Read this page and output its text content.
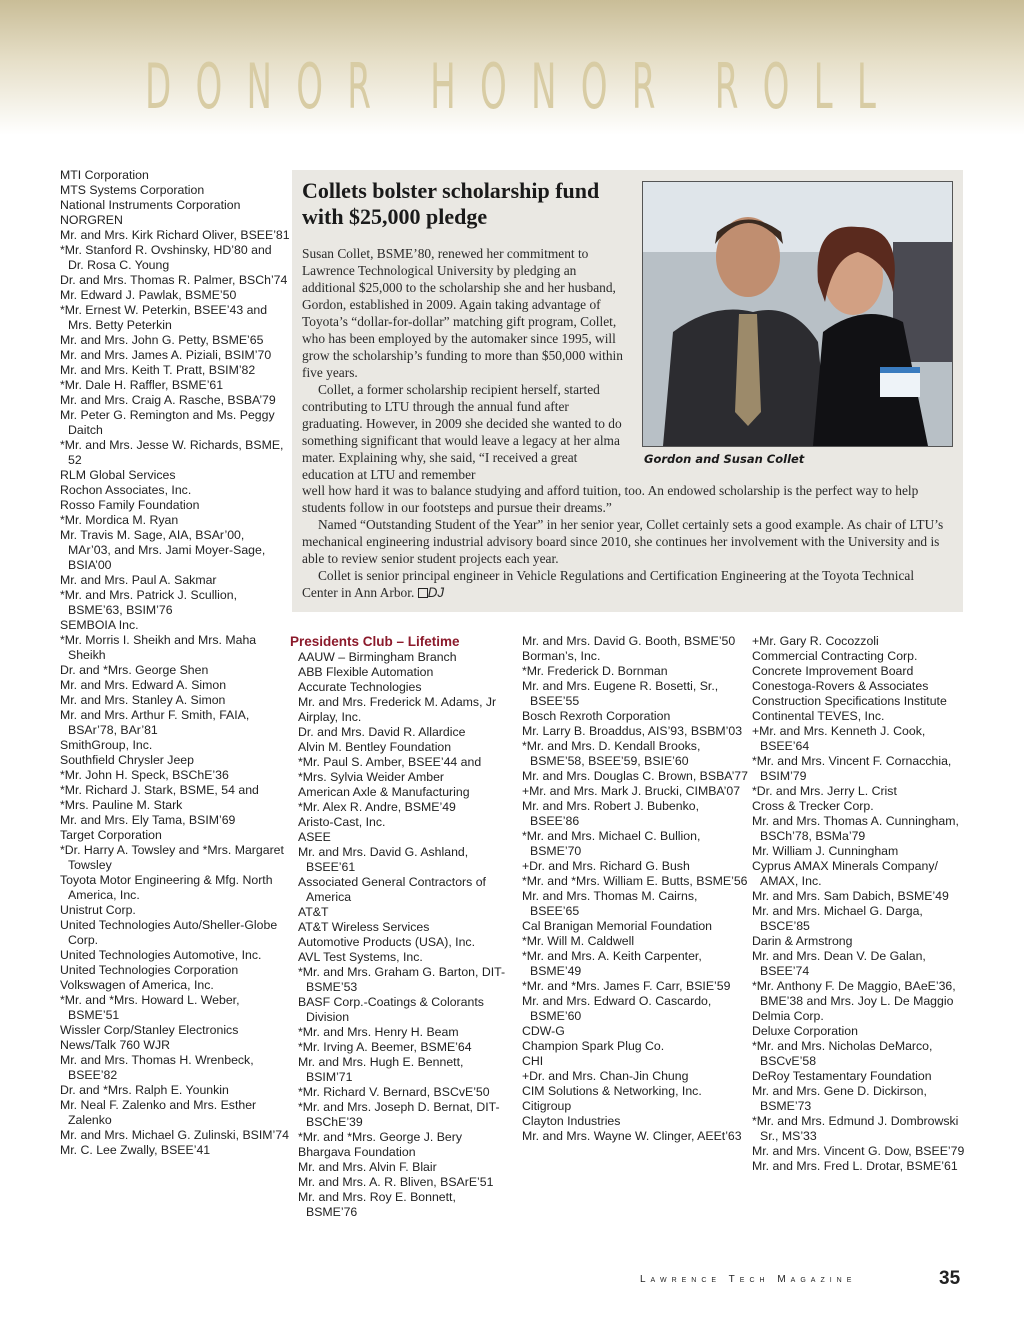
DONOR HONOR ROLL

MTI Corporation

MTS Systems Corporation

National Instruments Corporation

NORGREN

Mr. and Mrs. Kirk Richard Oliver, BSEE’81

*Mr. Stanford R. Ovshinsky, HD’80 and Dr. Rosa C. Young

Dr. and Mrs. Thomas R. Palmer, BSCh’74

Mr. Edward J. Pawlak, BSME’50

*Mr. Ernest W. Peterkin, BSEE’43 and Mrs. Betty Peterkin

Mr. and Mrs. John G. Petty, BSME’65

Mr. and Mrs. James A. Piziali, BSIM’70

Mr. and Mrs. Keith T. Pratt, BSIM’82

*Mr. Dale H. Raffler, BSME’61

Mr. and Mrs. Craig A. Rasche, BSBA’79

Mr. Peter G. Remington and Ms. Peggy Daitch

*Mr. and Mrs. Jesse W. Richards, BSME, 52

RLM Global Services

Rochon Associates, Inc.

Rosso Family Foundation

*Mr. Mordica M. Ryan

Mr. Travis M. Sage, AIA, BSAr’00, MAr’03, and Mrs. Jami Moyer-Sage, BSIA’00

Mr. and Mrs. Paul A. Sakmar

*Mr. and Mrs. Patrick J. Scullion, BSME’63, BSIM’76

SEMBOIA Inc.

*Mr. Morris I. Sheikh and Mrs. Maha Sheikh

Dr. and *Mrs. George Shen

Mr. and Mrs. Edward A. Simon

Mr. and Mrs. Stanley A. Simon

Mr. and Mrs. Arthur F. Smith, FAIA, BSAr’78, BAr’81

SmithGroup, Inc.

Southfield Chrysler Jeep

*Mr. John H. Speck, BSChE’36

*Mr. Richard J. Stark, BSME, 54 and

*Mrs. Pauline M. Stark

Mr. and Mrs. Ely Tama, BSIM’69

Target Corporation

*Dr. Harry A. Towsley and *Mrs. Margaret Towsley

Toyota Motor Engineering & Mfg. North America, Inc.

Unistrut Corp.

United Technologies Auto/Sheller-Globe Corp.

United Technologies Automotive, Inc.

United Technologies Corporation

Volkswagen of America, Inc.

*Mr. and *Mrs. Howard L. Weber, BSME’51

Wissler Corp/Stanley Electronics

News/Talk 760 WJR

Mr. and Mrs. Thomas H. Wrenbeck, BSEE’82

Dr. and *Mrs. Ralph E. Younkin

Mr. Neal F. Zalenko and Mrs. Esther Zalenko

Mr. and Mrs. Michael G. Zulinski, BSIM’74

Mr. C. Lee Zwally, BSEE’41

Collets bolster scholarship fund with $25,000 pledge

Susan Collet, BSME’80, renewed her commitment to Lawrence Technological University by pledging an additional $25,000 to the scholarship she and her husband, Gordon, established in 2009. Again taking advantage of Toyota’s “dollar-for-dollar” matching gift program, Collet, who has been employed by the automaker since 1995, will grow the scholarship’s funding to more than $50,000 within five years.

Collet, a former scholarship recipient herself, started contributing to LTU through the annual fund after graduating. However, in 2009 she decided she wanted to do something significant that would leave a legacy at her alma mater. Explaining why, she said, “I received a great education at LTU and remember

Gordon and Susan Collet

well how hard it was to balance studying and afford tuition, too. An endowed scholarship is the perfect way to help students follow in our footsteps and pursue their dreams.”

Named “Outstanding Student of the Year” in her senior year, Collet certainly sets a good example. As chair of LTU’s mechanical engineering industrial advisory board since 2010, she continues her involvement with the University and is able to review senior student projects each year.

Collet is senior principal engineer in Vehicle Regulations and Certification Engineering at the Toyota Technical Center in Ann Arbor. DJ

Presidents Club – Lifetime

AAUW – Birmingham Branch

ABB Flexible Automation

Accurate Technologies

Mr. and Mrs. Frederick M. Adams, Jr

Airplay, Inc.

Dr. and Mrs. David R. Allardice

Alvin M. Bentley Foundation

*Mr. Paul S. Amber, BSEE’44 and

*Mrs. Sylvia Weider Amber

American Axle & Manufacturing

*Mr. Alex R. Andre, BSME’49

Aristo-Cast, Inc.

ASEE

Mr. and Mrs. David G. Ashland, BSEE’61

Associated General Contractors of America

AT&T

AT&T Wireless Services

Automotive Products (USA), Inc.

AVL Test Systems, Inc.

*Mr. and Mrs. Graham G. Barton, DIT-BSME’53

BASF Corp.-Coatings & Colorants Division

*Mr. and Mrs. Henry H. Beam

*Mr. Irving A. Beemer, BSME’64

Mr. and Mrs. Hugh E. Bennett, BSIM’71

*Mr. Richard V. Bernard, BSCvE’50

*Mr. and Mrs. Joseph D. Bernat, DIT-BSChE’39

*Mr. and *Mrs. George J. Bery

Bhargava Foundation

Mr. and Mrs. Alvin F. Blair

Mr. and Mrs. A. R. Bliven, BSArE’51

Mr. and Mrs. Roy E. Bonnett, BSME’76

Mr. and Mrs. David G. Booth, BSME’50

Borman’s, Inc.

*Mr. Frederick D. Bornman

Mr. and Mrs. Eugene R. Bosetti, Sr., BSEE’55

Bosch Rexroth Corporation

Mr. Larry B. Broaddus, AIS’93, BSBM’03

*Mr. and Mrs. D. Kendall Brooks, BSME’58, BSEE’59, BSIE’60

Mr. and Mrs. Douglas C. Brown, BSBA’77

+Mr. and Mrs. Mark J. Brucki, CIMBA’07

Mr. and Mrs. Robert J. Bubenko, BSEE’86

*Mr. and Mrs. Michael C. Bullion, BSME’70

+Dr. and Mrs. Richard G. Bush

*Mr. and *Mrs. William E. Butts, BSME’56

Mr. and Mrs. Thomas M. Cairns, BSEE’65

Cal Branigan Memorial Foundation

*Mr. Will M. Caldwell

*Mr. and Mrs. A. Keith Carpenter, BSME’49

*Mr. and *Mrs. James F. Carr, BSIE’59

Mr. and Mrs. Edward O. Cascardo, BSME’60

CDW-G

Champion Spark Plug Co.

CHI

+Dr. and Mrs. Chan-Jin Chung

CIM Solutions & Networking, Inc.

Citigroup

Clayton Industries

Mr. and Mrs. Wayne W. Clinger, AEEt’63

+Mr. Gary R. Cocozzoli

Commercial Contracting Corp.

Concrete Improvement Board

Conestoga-Rovers & Associates

Construction Specifications Institute

Continental TEVES, Inc.

+Mr. and Mrs. Kenneth J. Cook, BSEE’64

*Mr. and Mrs. Vincent F. Cornacchia, BSIM’79

*Dr. and Mrs. Jerry L. Crist

Cross & Trecker Corp.

Mr. and Mrs. Thomas A. Cunningham, BSCh’78, BSMa’79

Mr. William J. Cunningham

Cyprus AMAX Minerals Company/ AMAX, Inc.

Mr. and Mrs. Sam Dabich, BSME’49

Mr. and Mrs. Michael G. Darga, BSCE’85

Darin & Armstrong

Mr. and Mrs. Dean V. De Galan, BSEE’74

*Mr. Anthony F. De Maggio, BAeE’36, BME’38 and Mrs. Joy L. De Maggio

Delmia Corp.

Deluxe Corporation

*Mr. and Mrs. Nicholas DeMarco, BSCvE’58

DeRoy Testamentary Foundation

Mr. and Mrs. Gene D. Dickirson, BSME’73

*Mr. and Mrs. Edmund J. Dombrowski Sr., MS’33

Mr. and Mrs. Vincent G. Dow, BSEE’79

Mr. and Mrs. Fred L. Drotar, BSME’61

Lawrence Tech Magazine	35
